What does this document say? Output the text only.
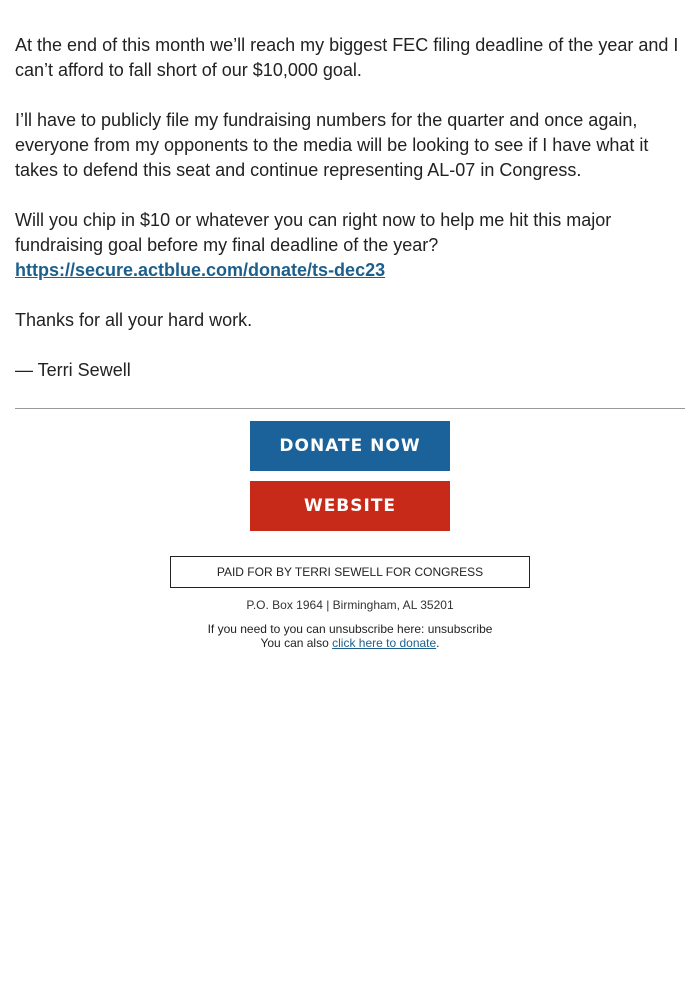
At the end of this month we’ll reach my biggest FEC filing deadline of the year and I can’t afford to fall short of our $10,000 goal.

I’ll have to publicly file my fundraising numbers for the quarter and once again, everyone from my opponents to the media will be looking to see if I have what it takes to defend this seat and continue representing AL-07 in Congress.

Will you chip in $10 or whatever you can right now to help me hit this major fundraising goal before my final deadline of the year?
https://secure.actblue.com/donate/ts-dec23

Thanks for all your hard work.

— Terri Sewell

DONATE NOW
WEBSITE
PAID FOR BY TERRI SEWELL FOR CONGRESS
P.O. Box 1964 | Birmingham, AL 35201
If you need to you can unsubscribe here: unsubscribe
You can also click here to donate.
